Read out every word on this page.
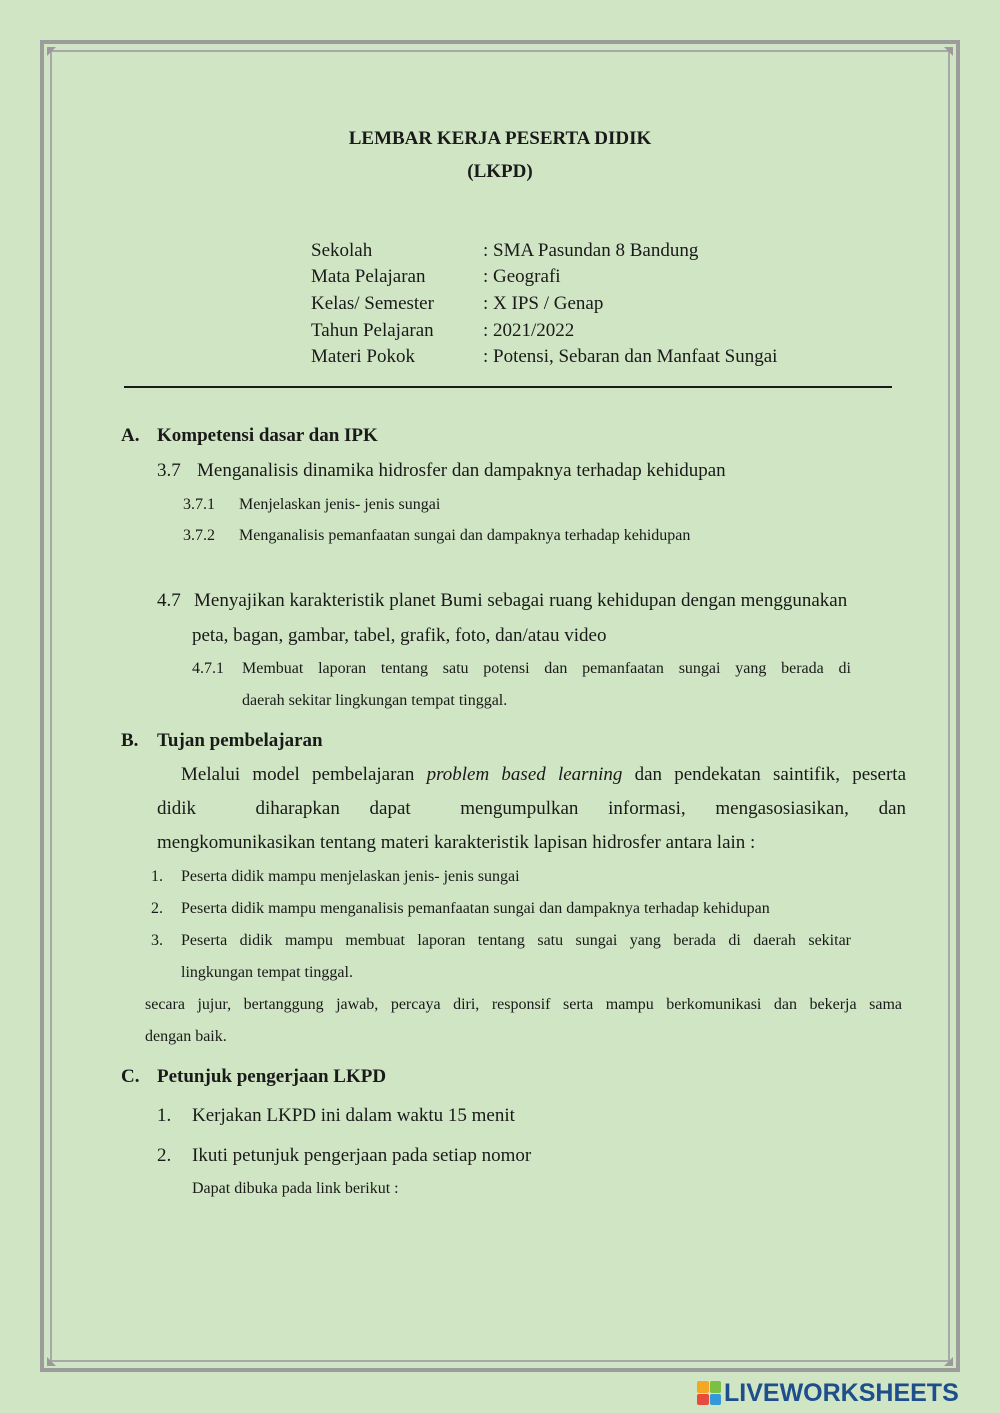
LEMBAR KERJA PESERTA DIDIK
(LKPD)
Sekolah	: SMA Pasundan 8 Bandung
Mata Pelajaran	: Geografi
Kelas/ Semester	: X IPS / Genap
Tahun Pelajaran	: 2021/2022
Materi Pokok	: Potensi, Sebaran dan Manfaat Sungai
A. Kompetensi dasar dan IPK
3.7 Menganalisis dinamika hidrosfer dan dampaknya terhadap kehidupan
3.7.1 Menjelaskan jenis- jenis sungai
3.7.2 Menganalisis pemanfaatan sungai dan dampaknya terhadap kehidupan
4.7 Menyajikan karakteristik planet Bumi sebagai ruang kehidupan dengan menggunakan
peta, bagan, gambar, tabel, grafik, foto, dan/atau video
4.7.1 Membuat laporan tentang satu potensi dan pemanfaatan sungai yang berada di
daerah sekitar lingkungan tempat tinggal.
B. Tujan pembelajaran
Melalui model pembelajaran problem based learning dan pendekatan saintifik, peserta
didik      diharapkan   dapat     mengumpulkan   informasi,   mengasosiasikan,   dan
mengkomunikasikan tentang materi karakteristik lapisan hidrosfer antara lain :
1. Peserta didik mampu menjelaskan jenis- jenis sungai
2. Peserta didik mampu menganalisis pemanfaatan sungai dan dampaknya terhadap kehidupan
3. Peserta didik mampu membuat laporan tentang satu sungai yang berada di daerah sekitar
lingkungan tempat tinggal.
secara jujur, bertanggung jawab, percaya diri, responsif serta mampu berkomunikasi dan bekerja sama
dengan baik.
C. Petunjuk pengerjaan LKPD
1. Kerjakan LKPD ini dalam waktu 15 menit
2. Ikuti petunjuk pengerjaan pada setiap nomor
Dapat dibuka pada link berikut :
LIVEWORKSHEETS
